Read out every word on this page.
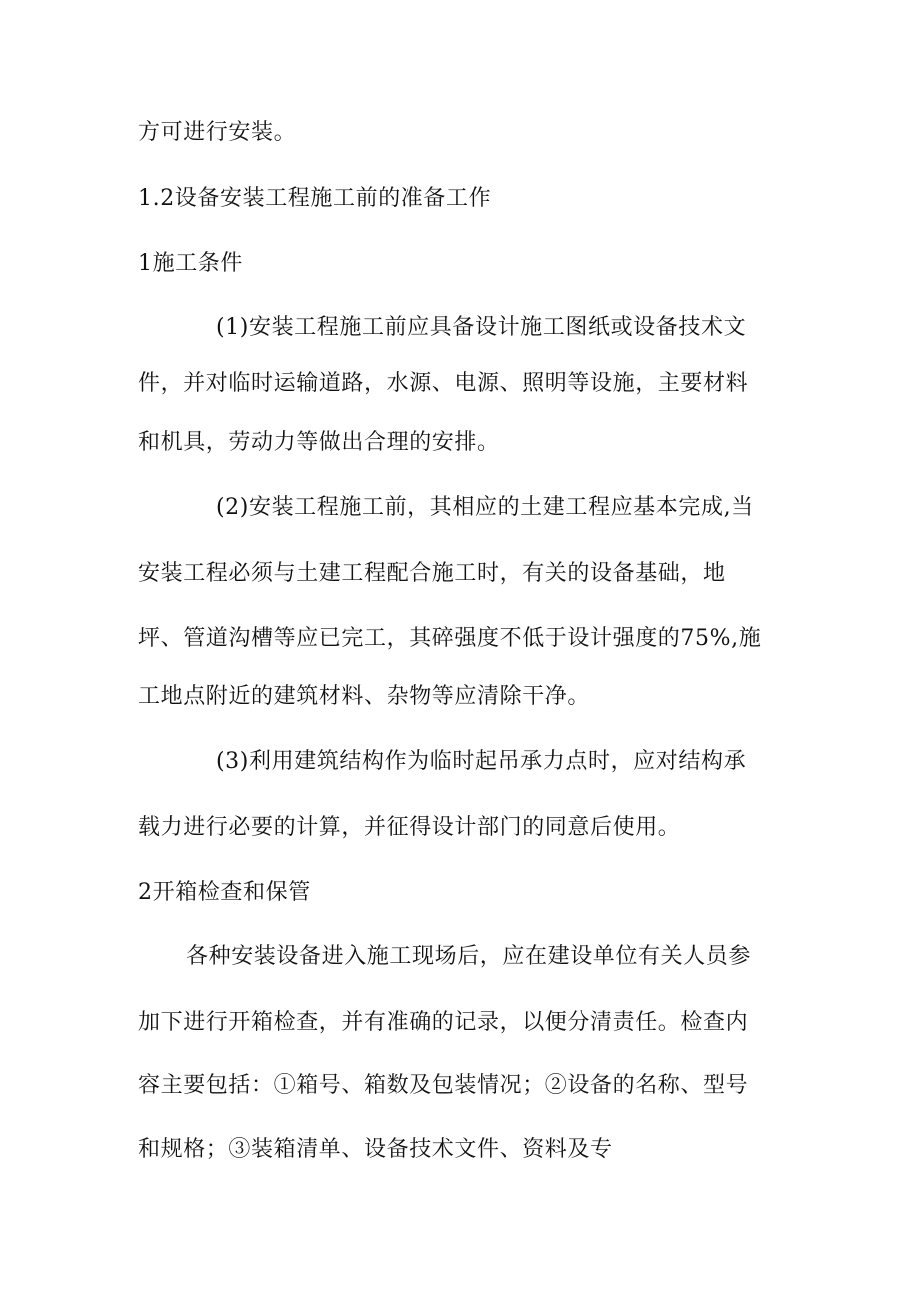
方可进行安装。
1.2设备安装工程施工前的准备工作
1施工条件
(1)安装工程施工前应具备设计施工图纸或设备技术文
件，并对临时运输道路，水源、电源、照明等设施，主要材料
和机具，劳动力等做出合理的安排。
(2)安装工程施工前，其相应的土建工程应基本完成,当
安装工程必须与土建工程配合施工时，有关的设备基础，地
坪、管道沟槽等应已完工，其碎强度不低于设计强度的75%,施
工地点附近的建筑材料、杂物等应清除干净。
(3)利用建筑结构作为临时起吊承力点时，应对结构承
载力进行必要的计算，并征得设计部门的同意后使用。
2开箱检查和保管
各种安装设备进入施工现场后，应在建设单位有关人员参
加下进行开箱检查，并有准确的记录，以便分清责任。检查内
容主要包括：①箱号、箱数及包装情况；②设备的名称、型号
和规格；③装箱清单、设备技术文件、资料及专
